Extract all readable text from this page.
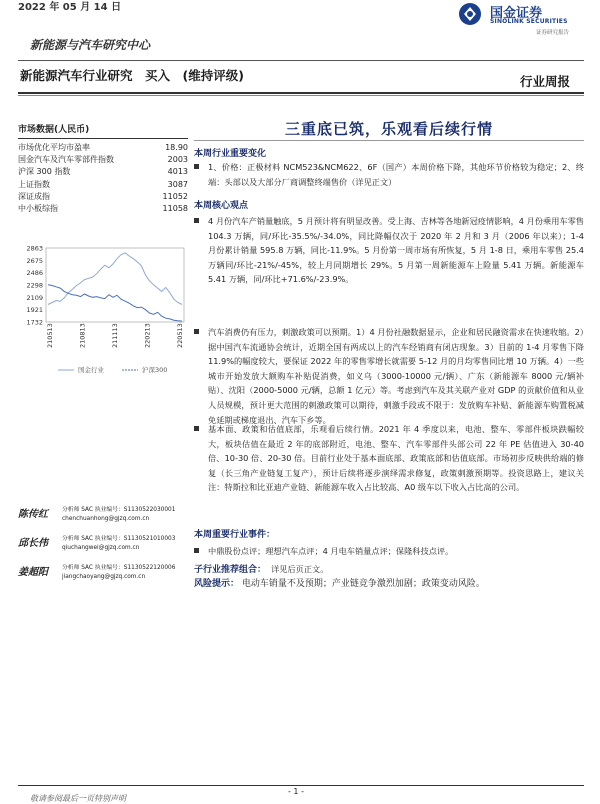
2022 年 05 月 14 日
新能源与汽车研究中心
国金证券
SINOLINK SECURITIES
证券研究报告
新能源汽车行业研究　买入　(维持评级)	行业周报
市场数据(人民币)
市场优化平均市盈率	18.90
国金汽车及汽车零部件指数	2003
沪深 300 指数	4013
上证指数	3087
深证成指	11052
中小板综指	11058
2863
2675
2486
2298
2109
1921
1732
210513	210813	211113	220213	220513
国金行业	沪深300
陈传红 分析师 SAC 执业编号：S1130522030001
chenchuanhong@gjzq.com.cn
邱长伟 分析师 SAC 执业编号：S1130521010003
qiuchangwei@gjzq.com.cn
姜超阳 分析师 SAC 执业编号：S1130522120006
jiangchaoyang@gjzq.com.cn
三重底已筑，乐观看后续行情
本周行业重要变化
1、价格：正极材料 NCM523&NCM622、6F（国产）本周价格下降，其他环节价格较为稳定；2、终端：头部以及大部分厂商调整终端售价（详见正文）
本周核心观点
4 月份汽车产销量触底，5 月预计将有明显改善。受上海、吉林等各地新冠疫情影响，4 月份乘用车零售 104.3 万辆，同/环比-35.5%/-34.0%，同比降幅仅次于 2020 年 2 月和 3 月（2006 年以来）；1-4 月份累计销量 595.8 万辆，同比-11.9%。5 月份第一周市场有所恢复，5 月 1-8 日，乘用车零售 25.4 万辆同/环比-21%/-45%，较上月同期增长 29%。5 月第一周新能源车上险量 5.41 万辆。新能源车 5.41 万辆，同/环比+71.6%/-23.9%。
汽车消费仍有压力，刺激政策可以预期。1）4 月份社融数据显示，企业和居民融资需求在快速收缩。2）据中国汽车流通协会统计，近期全国有两成以上的汽车经销商有闭店现象。3）目前的 1-4 月零售下降 11.9%的幅度较大，要保证 2022 年的零售零增长就需要 5-12 月的月均零售同比增 10 万辆。4）一些城市开始发放大额购车补贴促消费，如义乌（3000-10000 元/辆）、广东（新能源车 8000 元/辆补贴）、沈阳（2000-5000 元/辆，总额 1 亿元）等。考虑到汽车及其关联产业对 GDP 的贡献价值和从业人员规模，预计更大范围的刺激政策可以期待，刺激手段或不限于：发放购车补贴、新能源车购置税减免延期或梯度退出、汽车下乡等。
基本面、政策和估值底部，乐观看后续行情。2021 年 4 季度以来，电池、整车、零部件板块跌幅较大，板块估值在最近 2 年的底部附近，电池、整车、汽车零部件头部公司 22 年 PE 估值进入 30-40 倍、10-30 倍、20-30 倍。目前行业处于基本面底部、政策底部和估值底部。市场初步反映供给端的修复（长三角产业链复工复产），预计后续将逐步演绎需求修复，政策刺激预期等。投资思路上，建议关注：特斯拉和比亚迪产业链、新能源车收入占比较高、A0 级车以下收入占比高的公司。
本周重要行业事件：
中鼎股份点评；理想汽车点评；4 月电车销量点评；保隆科技点评。
子行业推荐组合： 详见后页正文。
风险提示： 电动车销量不及预期；产业链竞争激烈加剧；政策变动风险。
- 1 -
敬请参阅最后一页特别声明
